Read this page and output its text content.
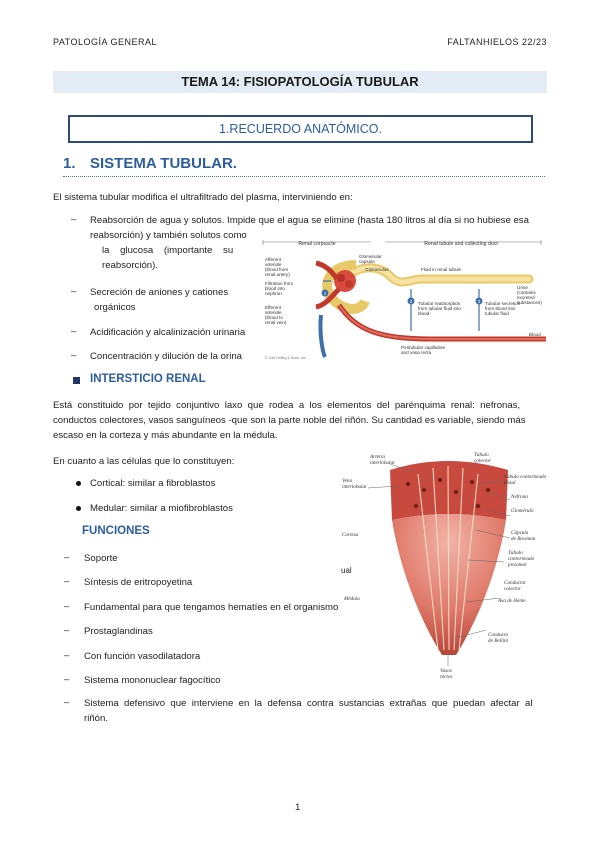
PATOLOGÍA GENERAL	FALTANHIELOS 22/23
TEMA 14: FISIOPATOLOGÍA TUBULAR
1.RECUERDO ANATÓMICO.
1. SISTEMA TUBULAR.
El sistema tubular modifica el ultrafiltrado del plasma, interviniendo en:
– Reabsorción de agua y solutos. Impide que el agua se elimine (hasta 180 litros al día si no hubiese esa
reabsorción) y también solutos como
la    glucosa    (importante    su
reabsorción).
– Secreción de aniones y cationes
orgánicos
– Acidificación y alcalinización urinaria
– Concentración y dilución de la orina
Renal corpuscle	Renal tubule and collecting duct
2	3
1
Afferent
arteriole
(blood from
renal artery)
Glomerular
capsule
Glomerulus	Fluid in renal tubule
Filtration from
blood into
nephron
Urine
(contains
excreted
substances)
Efferent
arteriole
(blood to
renal vein)
Tubular reabsorption
from tubular fluid into
blood
Tubular secretion
from blood into
tubular fluid
Blood
Peritubular capillaries
and vasa recta
© John Wiley & Sons, Inc.
INTERSTICIO RENAL
Está  constituido  por  tejido  conjuntivo  laxo  que  rodea  a  los  elementos  del  parénquima  renal:  nefronas,
conductos colectores, vasos sanguíneos -que son la parte noble del riñón. Su cantidad es variable, siendo más
escaso en la corteza y más abundante en la médula.
En cuanto a las células que lo constituyen:
Cortical: similar a fibroblastos
Medular: similar a miofibroblastos
FUNCIONES
– Soporte
– Síntesis de eritropoyetina
– Fundamental para que tengamos hematíes en el organismo
– Prostaglandinas
– Con función vasodilatadora
– Sistema mononuclear fagocítico
– Sistema  defensivo  que  interviene  en  la  defensa  contra  sustancias  extrañas  que  puedan  afectar  al
riñón.
Arteria
interlobular
Túbulo
colector
Vena
interlobular
Túbulo contorneado
distal
Nefrona
Glomérulo
Corteza	Cápsula
de Bowman
Túbulo
contorneado
proximal
Conductor
colector
Médula	Asa de Henle
Conducto
de Bellini
Vasos
rectos
ual
1
